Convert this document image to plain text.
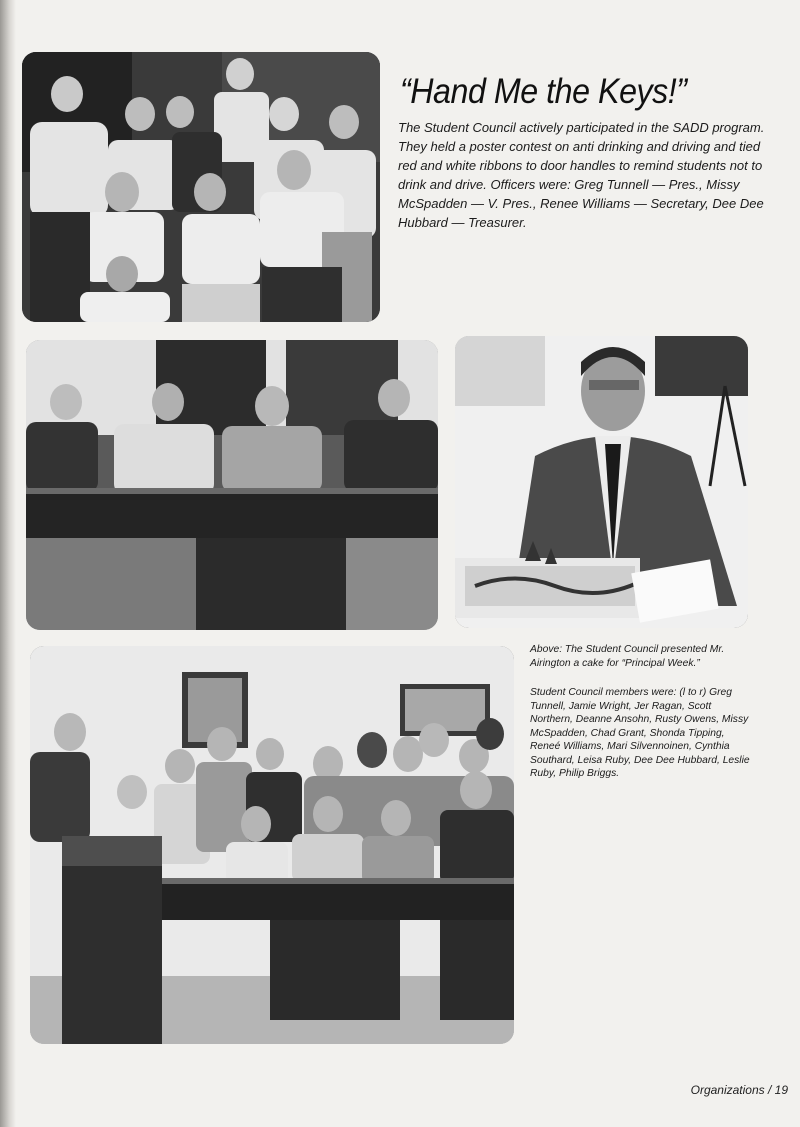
“Hand Me the Keys!”

The Student Council actively participated in the SADD program. They held a poster contest on anti drinking and driving and tied red and white ribbons to door handles to remind students not to drink and drive. Officers were: Greg Tunnell — Pres., Missy McSpadden — V. Pres., Renee Williams — Secretary, Dee Dee Hubbard — Treasurer.

Above: The Student Council presented Mr. Airington a cake for “Principal Week.”

Student Council members were: (l to r) Greg Tunnell, Jamie Wright, Jer Ragan, Scott Northern, Deanne Ansohn, Rusty Owens, Missy McSpadden, Chad Grant, Shonda Tipping, Reneé Williams, Mari Silvennoinen, Cynthia Southard, Leisa Ruby, Dee Dee Hubbard, Leslie Ruby, Philip Briggs.

Organizations / 19
